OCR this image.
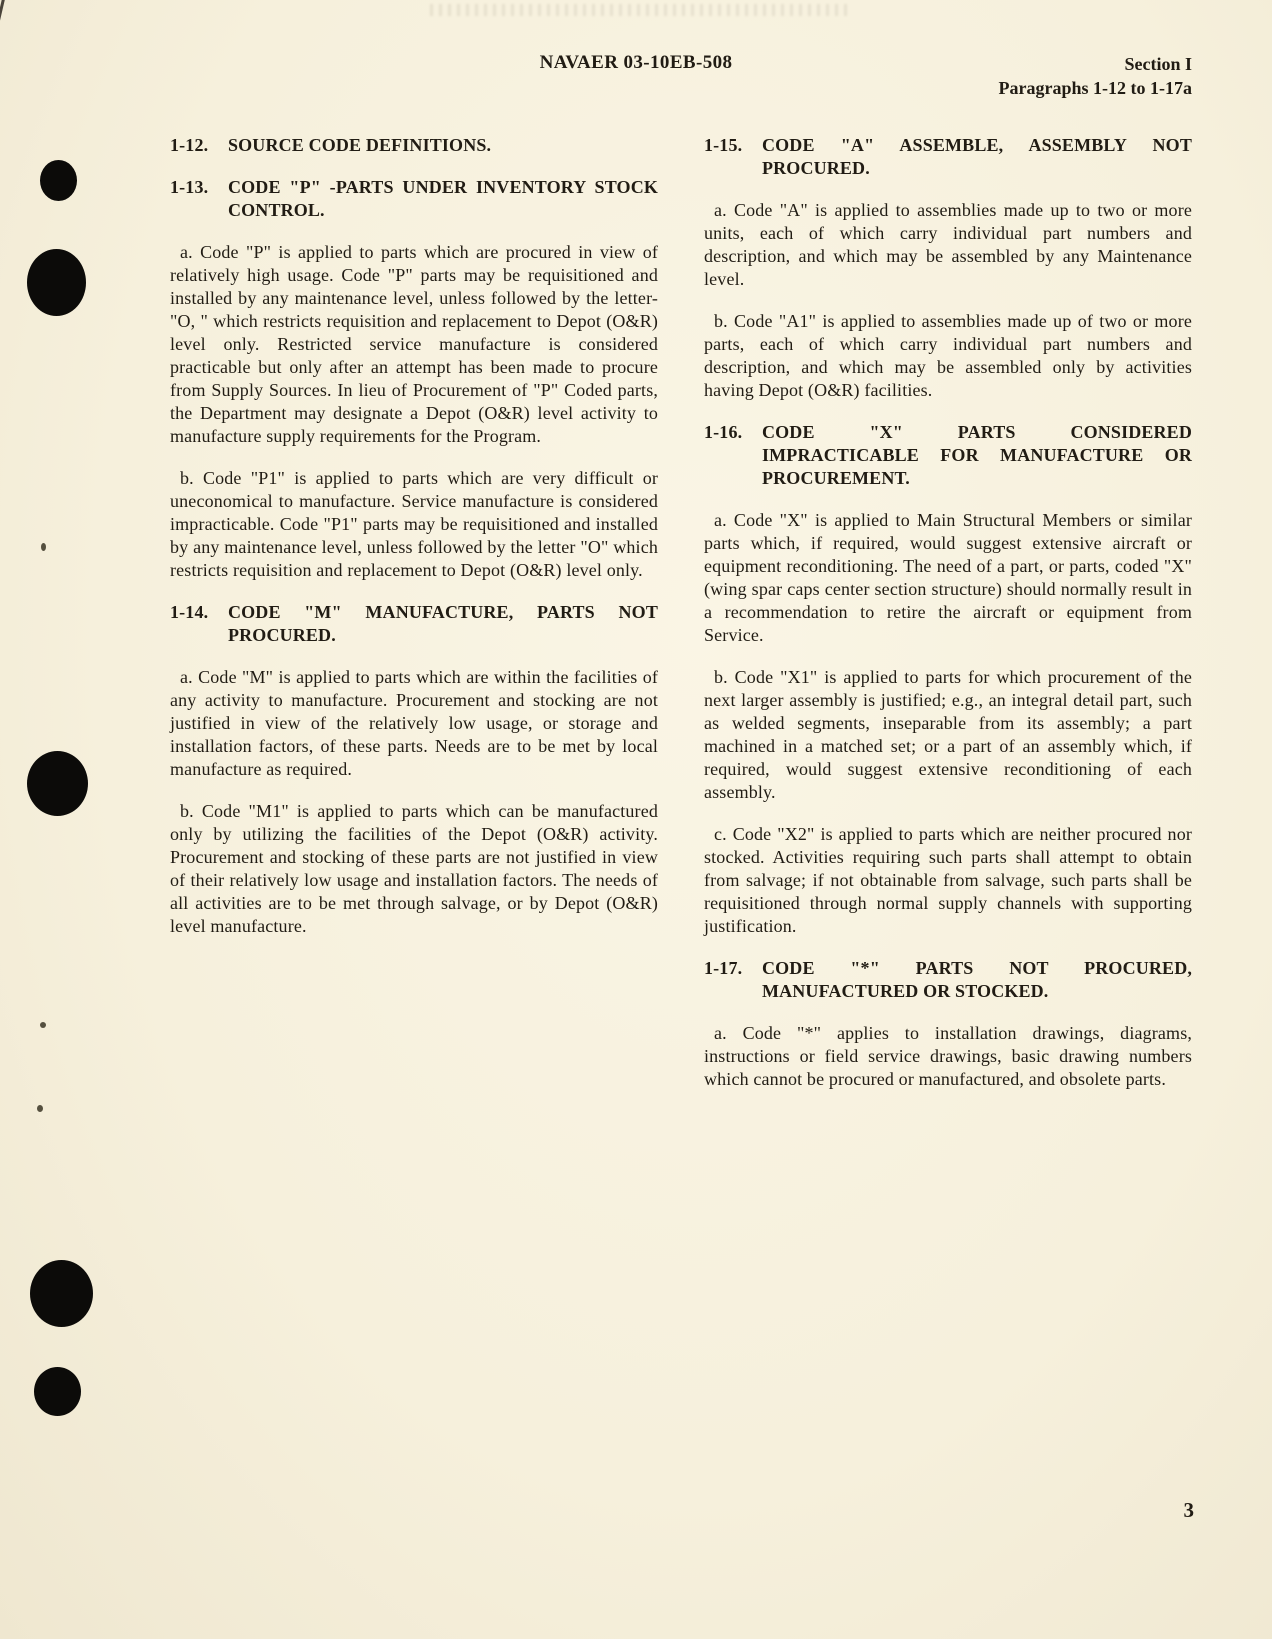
NAVAER 03-10EB-508	Section I
Paragraphs 1-12 to 1-17a
1-12.	SOURCE CODE DEFINITIONS.
1-13.	CODE "P" -PARTS UNDER INVENTORY STOCK CONTROL.
a. Code "P" is applied to parts which are procured in view of relatively high usage. Code "P" parts may be requisitioned and installed by any maintenance level, unless followed by the letter- "O, " which restricts requisition and replacement to Depot (O&R) level only. Restricted service manufacture is considered practicable but only after an attempt has been made to procure from Supply Sources. In lieu of Procurement of "P" Coded parts, the Department may designate a Depot (O&R) level activity to manufacture supply requirements for the Program.
b. Code "P1" is applied to parts which are very difficult or uneconomical to manufacture. Service manufacture is considered impracticable. Code "P1" parts may be requisitioned and installed by any maintenance level, unless followed by the letter "O" which restricts requisition and replacement to Depot (O&R) level only.
1-14.	CODE "M" MANUFACTURE, PARTS NOT PROCURED.
a. Code "M" is applied to parts which are within the facilities of any activity to manufacture. Procurement and stocking are not justified in view of the relatively low usage, or storage and installation factors, of these parts. Needs are to be met by local manufacture as required.
b. Code "M1" is applied to parts which can be manufactured only by utilizing the facilities of the Depot (O&R) activity. Procurement and stocking of these parts are not justified in view of their relatively low usage and installation factors. The needs of all activities are to be met through salvage, or by Depot (O&R) level manufacture.
1-15.	CODE "A" ASSEMBLE, ASSEMBLY NOT PROCURED.
a. Code "A" is applied to assemblies made up to two or more units, each of which carry individual part numbers and description, and which may be assembled by any Maintenance level.
b. Code "A1" is applied to assemblies made up of two or more parts, each of which carry individual part numbers and description, and which may be assembled only by activities having Depot (O&R) facilities.
1-16.	CODE "X" PARTS CONSIDERED IMPRACTICABLE FOR MANUFACTURE OR PROCUREMENT.
a. Code "X" is applied to Main Structural Members or similar parts which, if required, would suggest extensive aircraft or equipment reconditioning. The need of a part, or parts, coded "X" (wing spar caps center section structure) should normally result in a recommendation to retire the aircraft or equipment from Service.
b. Code "X1" is applied to parts for which procurement of the next larger assembly is justified; e.g., an integral detail part, such as welded segments, inseparable from its assembly; a part machined in a matched set; or a part of an assembly which, if required, would suggest extensive reconditioning of each assembly.
c. Code "X2" is applied to parts which are neither procured nor stocked. Activities requiring such parts shall attempt to obtain from salvage; if not obtainable from salvage, such parts shall be requisitioned through normal supply channels with supporting justification.
1-17.	CODE "*" PARTS NOT PROCURED, MANUFACTURED OR STOCKED.
a. Code "*" applies to installation drawings, diagrams, instructions or field service drawings, basic drawing numbers which cannot be procured or manufactured, and obsolete parts.
3
